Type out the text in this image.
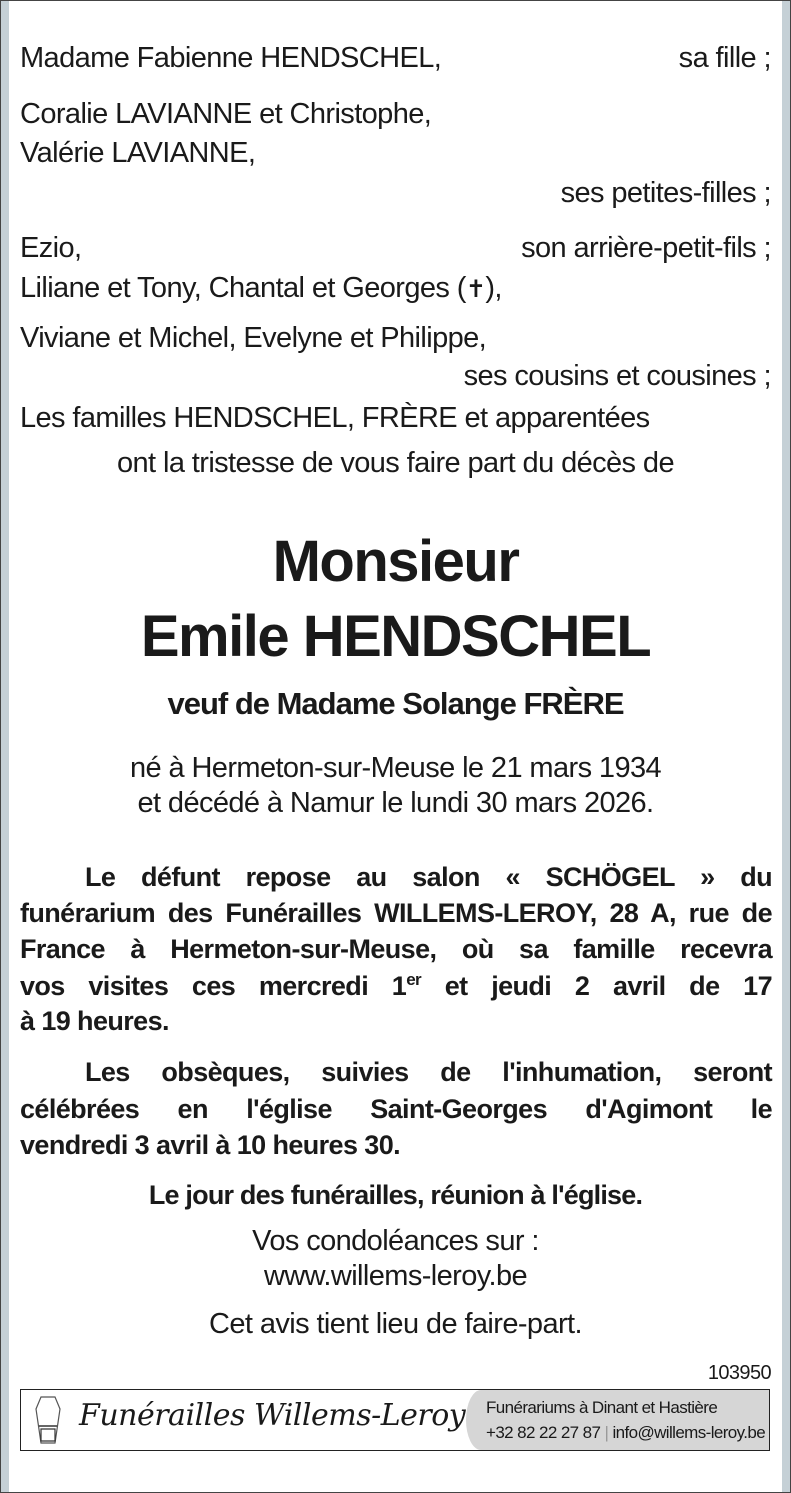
Madame Fabienne HENDSCHEL,	sa fille ;
Coralie LAVIANNE et Christophe,
Valérie LAVIANNE,
ses petites-filles ;
Ezio,	son arrière-petit-fils ;
Liliane et Tony, Chantal et Georges (✝),
Viviane et Michel, Evelyne et Philippe,
ses cousins et cousines ;
Les familles HENDSCHEL, FRÈRE et apparentées
ont la tristesse de vous faire part du décès de
Monsieur
Emile HENDSCHEL
veuf de Madame Solange FRÈRE
né à Hermeton-sur-Meuse le 21 mars 1934
et décédé à Namur le lundi 30 mars 2026.
Le défunt repose au salon « SCHÖGEL » du
funérarium des Funérailles WILLEMS-LEROY, 28 A, rue de
France à Hermeton-sur-Meuse, où sa famille recevra
vos visites ces mercredi 1er et jeudi 2 avril de 17
à 19 heures.
Les obsèques, suivies de l'inhumation, seront
célébrées en l'église Saint-Georges d'Agimont le
vendredi 3 avril à 10 heures 30.
Le jour des funérailles, réunion à l'église.
Vos condoléances sur :
www.willems-leroy.be
Cet avis tient lieu de faire-part.
103950
Funérailles Willems-Leroy Funérariums à Dinant et Hastière
+32 82 22 27 87 | info@willems-leroy.be
